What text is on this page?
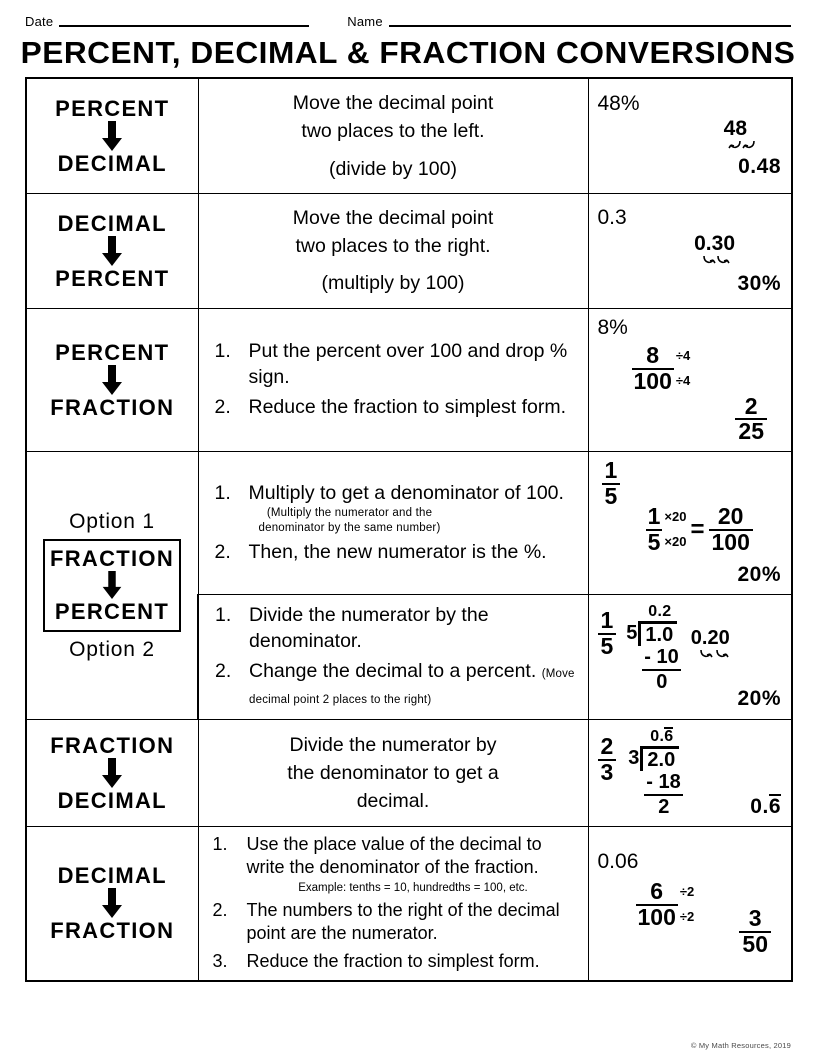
Date	Name
PERCENT, DECIMAL & FRACTION CONVERSIONS
PERCENT
DECIMAL

Move the decimal point
two places to the left.
(divide by 100)

48%
48
0.48

DECIMAL
PERCENT

Move the decimal point
two places to the right.
(multiply by 100)

0.3
0.30
30%

PERCENT
FRACTION

1. Put the percent over 100 and drop % sign.
2. Reduce the fraction to simplest form.

8%
$\frac{8}{100} \div 4$
÷4
$\frac{2}{25}$

Option 1
FRACTION
PERCENT
Option 2

1. Multiply to get a denominator of 100. (Multiply the numerator and the denominator by the same number)
2. Then, the new numerator is the %.

$\frac{1}{5}$
$\frac{1}{5} \times 20$
$\times 20 = \frac{20}{100}$
20%

1. Divide the numerator by the denominator.
2. Change the decimal to a percent. (Move decimal point 2 places to the right)

$\frac{1}{5} 0.2$
5 1.0
- 10
0
0.20
20%

FRACTION
DECIMAL

Divide the numerator by
the denominator to get a
decimal.

$\frac{2}{3} 0.6$
3 2.0
- 18
2	0.6

DECIMAL
FRACTION

1. Use the place value of the decimal to write the denominator of the fraction.
Example: tenths = 10, hundredths = 100, etc.
2. The numbers to the right of the decimal point are the numerator.
3. Reduce the fraction to simplest form.

0.06
$\frac{6}{100} \div 2$
$\div 2 \frac{3}{50}$
© My Math Resources, 2019
